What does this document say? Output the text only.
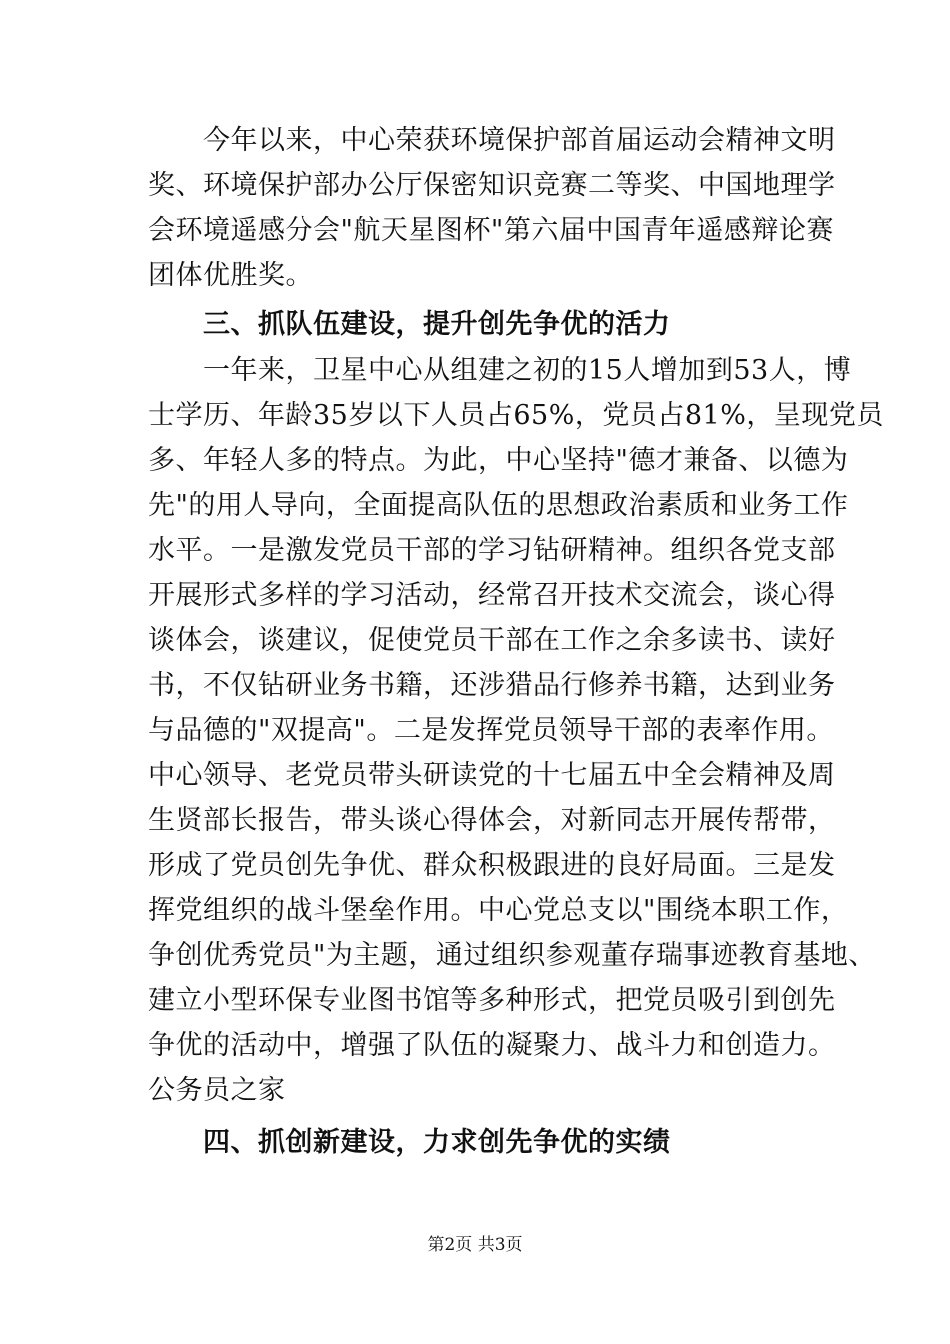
　　今年以来，中心荣获环境保护部首届运动会精神文明
奖、环境保护部办公厅保密知识竞赛二等奖、中国地理学
会环境遥感分会"航天星图杯"第六届中国青年遥感辩论赛
团体优胜奖。
　　三、抓队伍建设，提升创先争优的活力
　　一年来，卫星中心从组建之初的15人增加到53人，博
士学历、年龄35岁以下人员占65%，党员占81%，呈现党员
多、年轻人多的特点。为此，中心坚持"德才兼备、以德为
先"的用人导向，全面提高队伍的思想政治素质和业务工作
水平。一是激发党员干部的学习钻研精神。组织各党支部
开展形式多样的学习活动，经常召开技术交流会，谈心得
谈体会，谈建议，促使党员干部在工作之余多读书、读好
书，不仅钻研业务书籍，还涉猎品行修养书籍，达到业务
与品德的"双提高"。二是发挥党员领导干部的表率作用。
中心领导、老党员带头研读党的十七届五中全会精神及周
生贤部长报告，带头谈心得体会，对新同志开展传帮带，
形成了党员创先争优、群众积极跟进的良好局面。三是发
挥党组织的战斗堡垒作用。中心党总支以"围绕本职工作，
争创优秀党员"为主题，通过组织参观董存瑞事迹教育基地、
建立小型环保专业图书馆等多种形式，把党员吸引到创先
争优的活动中，增强了队伍的凝聚力、战斗力和创造力。
公务员之家
　　四、抓创新建设，力求创先争优的实绩
第2页 共3页
